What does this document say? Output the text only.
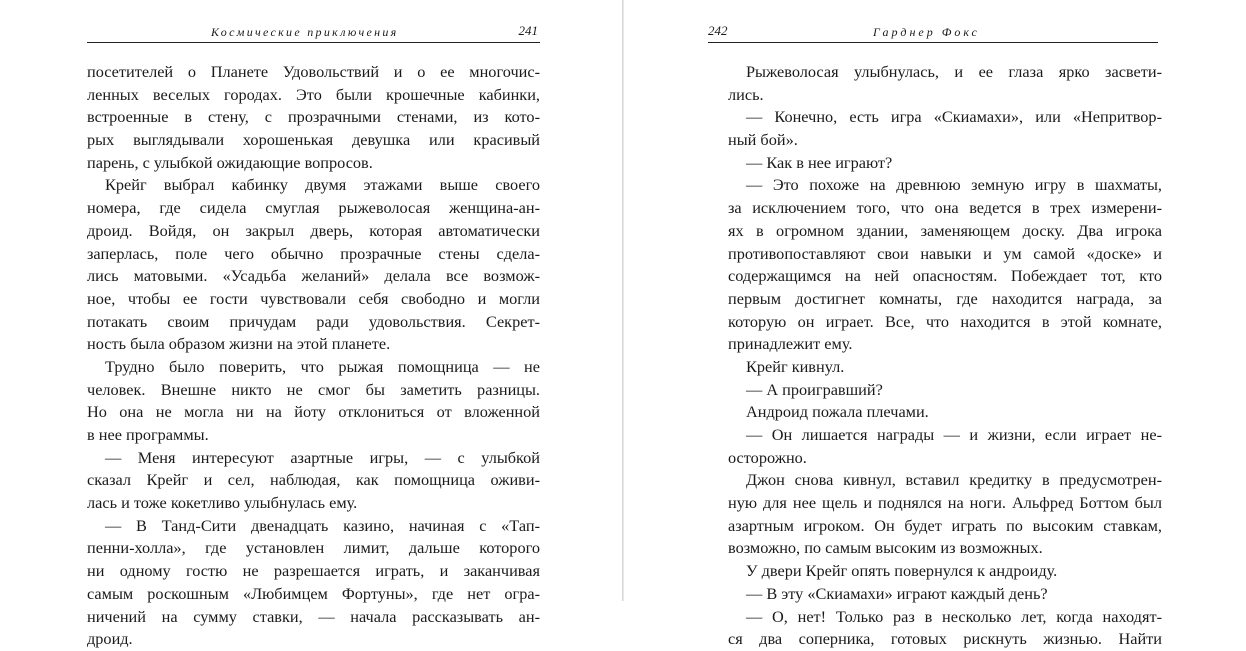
Космические приключения	241
посетителей о Планете Удовольствий и о ее многочис-
ленных веселых городах. Это были крошечные кабинки,
встроенные в стену, с прозрачными стенами, из кото-
рых выглядывали хорошенькая девушка или красивый
парень, с улыбкой ожидающие вопросов.
Крейг выбрал кабинку двумя этажами выше своего
номера, где сидела смуглая рыжеволосая женщина-ан-
дроид. Войдя, он закрыл дверь, которая автоматически
заперлась, поле чего обычно прозрачные стены сдела-
лись матовыми. «Усадьба желаний» делала все возмож-
ное, чтобы ее гости чувствовали себя свободно и могли
потакать своим причудам ради удовольствия. Секрет-
ность была образом жизни на этой планете.
Трудно было поверить, что рыжая помощница — не
человек. Внешне никто не смог бы заметить разницы.
Но она не могла ни на йоту отклониться от вложенной
в нее программы.
— Меня интересуют азартные игры, — с улыбкой
сказал Крейг и сел, наблюдая, как помощница оживи-
лась и тоже кокетливо улыбнулась ему.
— В Танд-Сити двенадцать казино, начиная с «Тап-
пенни-холла», где установлен лимит, дальше которого
ни одному гостю не разрешается играть, и заканчивая
самым роскошным «Любимцем Фортуны», где нет огра-
ничений на сумму ставки, — начала рассказывать ан-
дроид.
242	Гарднер Фокс
Рыжеволосая улыбнулась, и ее глаза ярко засвети-
лись.
— Конечно, есть игра «Скиамахи», или «Непритвор-
ный бой».
— Как в нее играют?
— Это похоже на древнюю земную игру в шахматы,
за исключением того, что она ведется в трех измерени-
ях в огромном здании, заменяющем доску. Два игрока
противопоставляют свои навыки и ум самой «доске» и
содержащимся на ней опасностям. Побеждает тот, кто
первым достигнет комнаты, где находится награда, за
которую он играет. Все, что находится в этой комнате,
принадлежит ему.
Крейг кивнул.
— А проигравший?
Андроид пожала плечами.
— Он лишается награды — и жизни, если играет не-
осторожно.
Джон снова кивнул, вставил кредитку в предусмотрен-
ную для нее щель и поднялся на ноги. Альфред Боттом был
азартным игроком. Он будет играть по высоким ставкам,
возможно, по самым высоким из возможных.
У двери Крейг опять повернулся к андроиду.
— В эту «Скиамахи» играют каждый день?
— О, нет! Только раз в несколько лет, когда находят-
ся два соперника, готовых рискнуть жизнью. Найти
